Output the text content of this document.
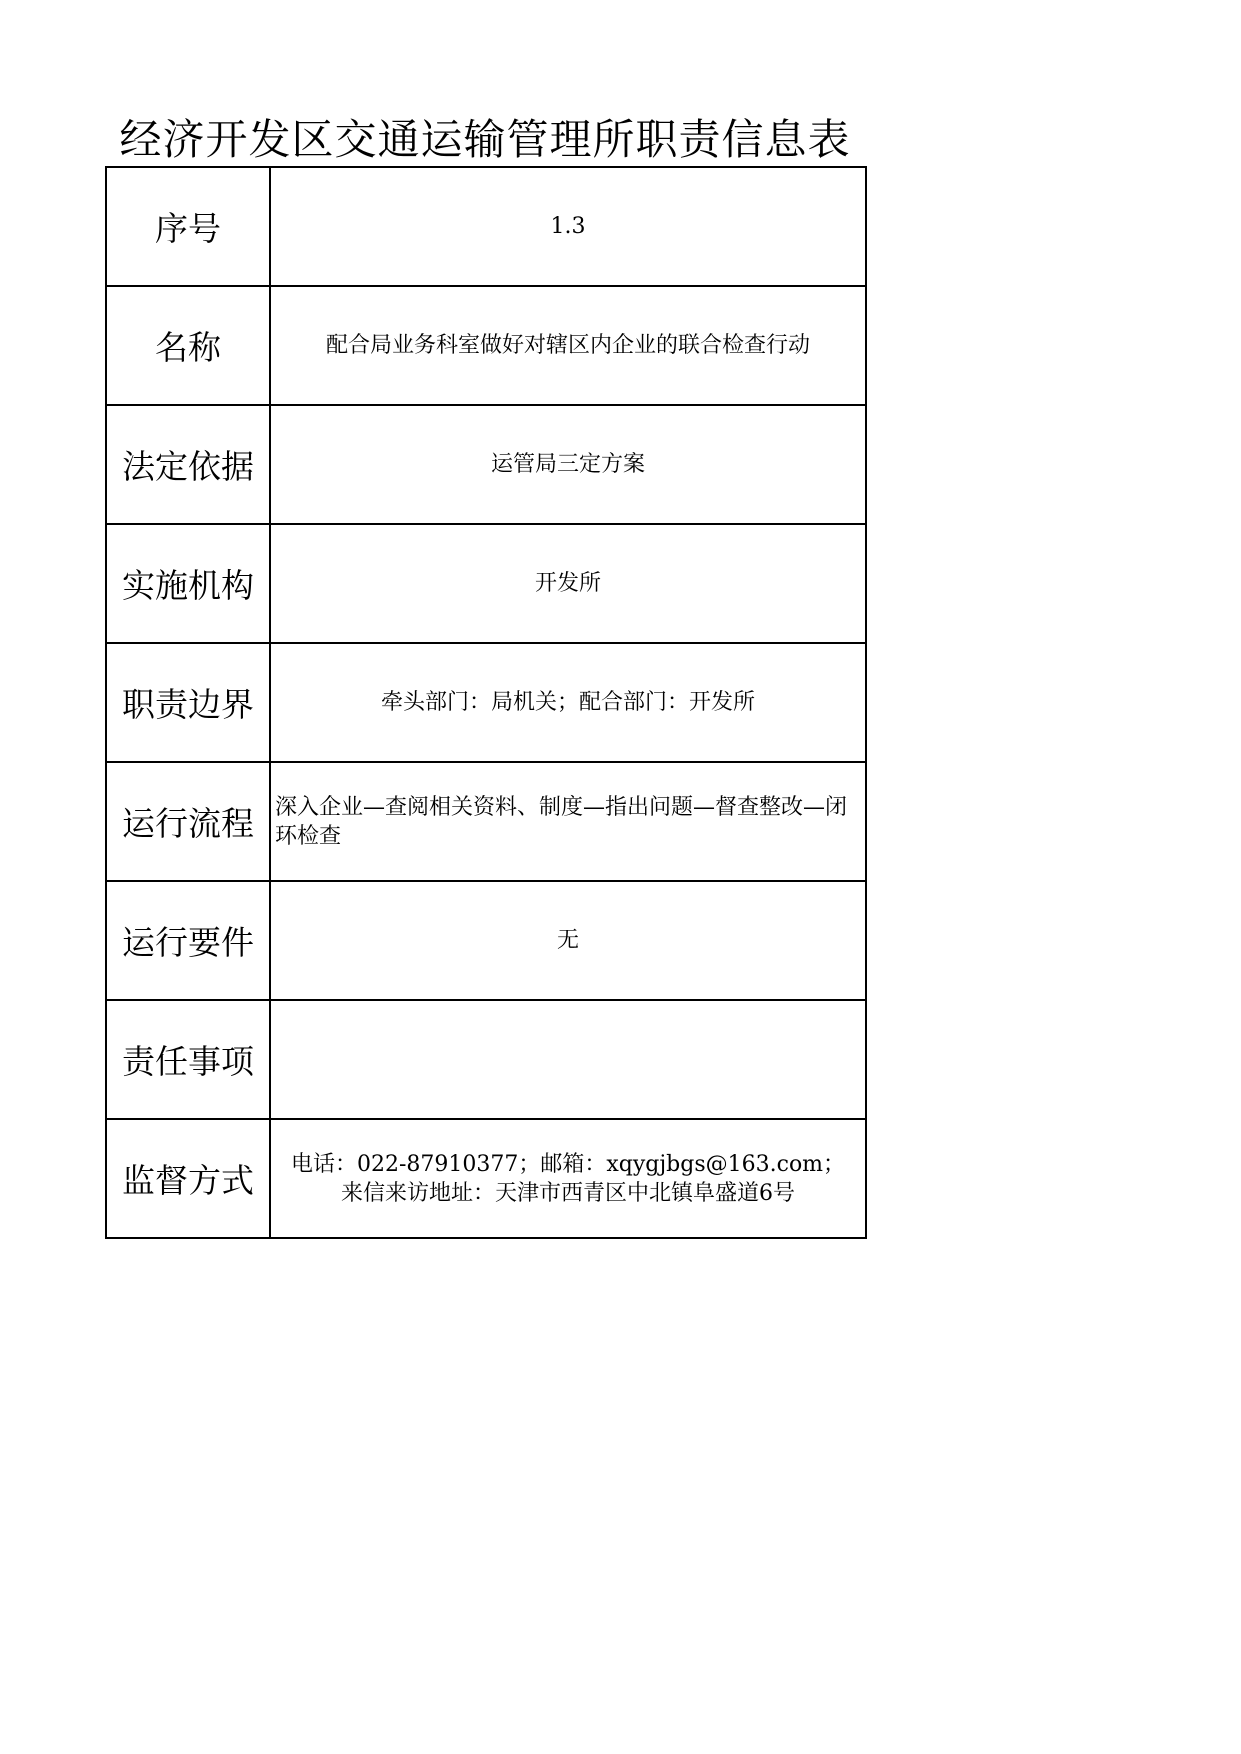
经济开发区交通运输管理所职责信息表
序号	1.3
名称	配合局业务科室做好对辖区内企业的联合检查行动
法定依据	运管局三定方案
实施机构	开发所
职责边界	牵头部门：局机关；配合部门：开发所
运行流程	深入企业—查阅相关资料、制度—指出问题—督查整改—闭环检查
运行要件	无
责任事项	
监督方式	电话：022-87910377；邮箱：xqygjbgs@163.com；
来信来访地址：天津市西青区中北镇阜盛道6号
